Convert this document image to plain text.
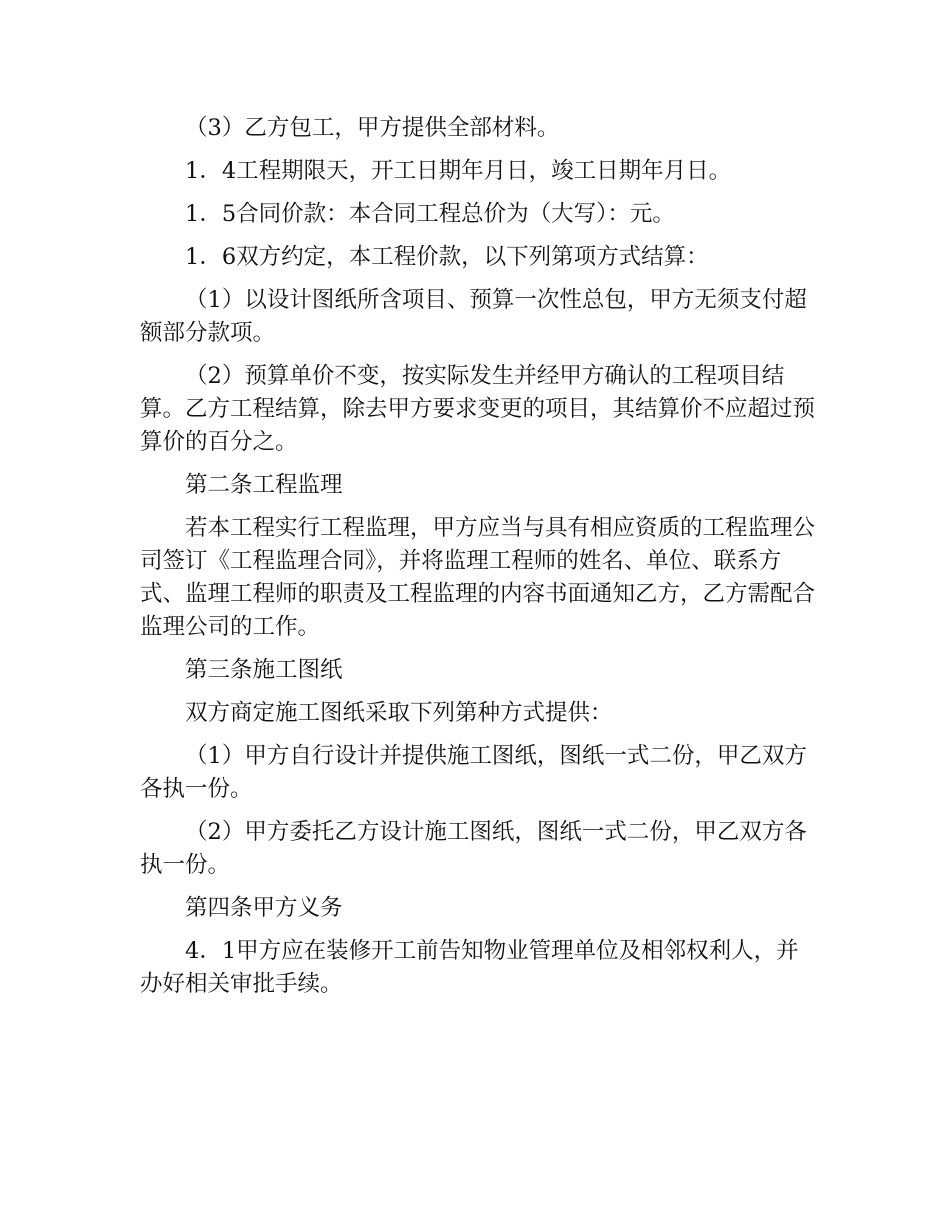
（3）乙方包工，甲方提供全部材料。

1．4工程期限天，开工日期年月日，竣工日期年月日。

1．5合同价款：本合同工程总价为（大写）：元。

1．6双方约定，本工程价款，以下列第项方式结算：

（1）以设计图纸所含项目、预算一次性总包，甲方无须支付超额部分款项。

（2）预算单价不变，按实际发生并经甲方确认的工程项目结算。乙方工程结算，除去甲方要求变更的项目，其结算价不应超过预算价的百分之。

第二条工程监理

若本工程实行工程监理，甲方应当与具有相应资质的工程监理公司签订《工程监理合同》，并将监理工程师的姓名、单位、联系方式、监理工程师的职责及工程监理的内容书面通知乙方，乙方需配合监理公司的工作。

第三条施工图纸

双方商定施工图纸采取下列第种方式提供：

（1）甲方自行设计并提供施工图纸，图纸一式二份，甲乙双方各执一份。

（2）甲方委托乙方设计施工图纸，图纸一式二份，甲乙双方各执一份。

第四条甲方义务

4．1甲方应在装修开工前告知物业管理单位及相邻权利人，并办好相关审批手续。
